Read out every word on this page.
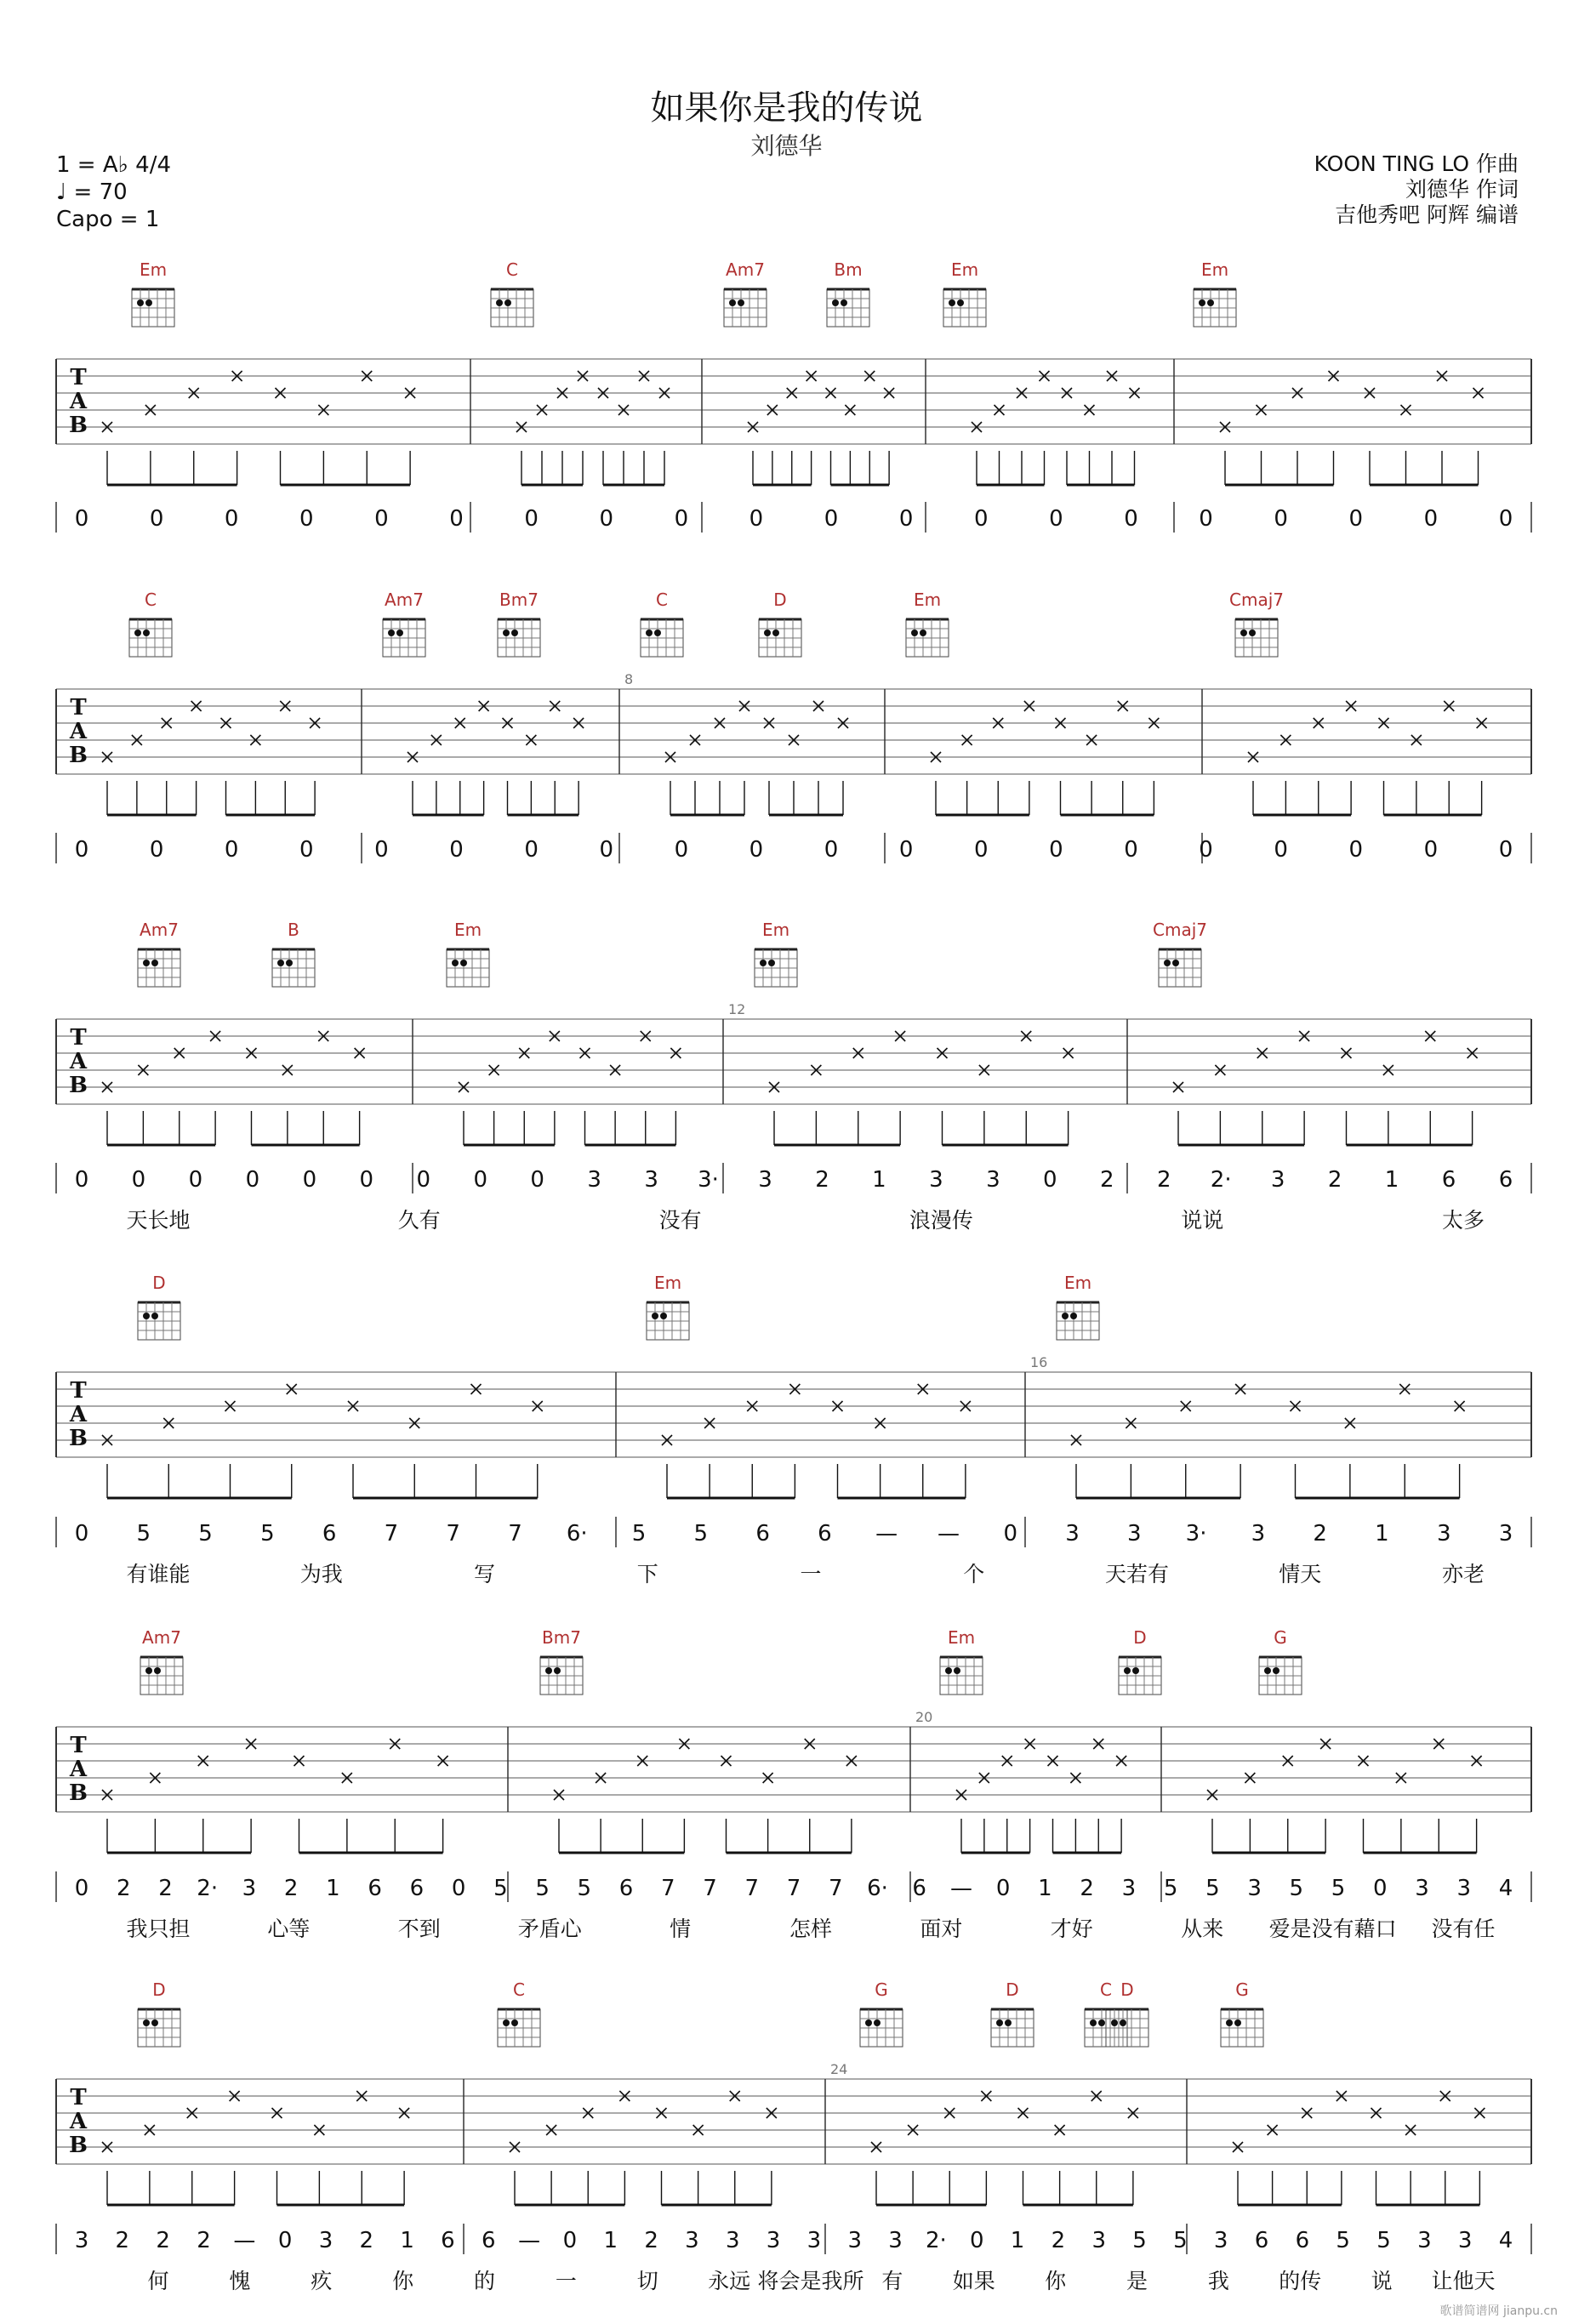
如果你是我的传说
刘德华
1 = A♭ 4/4
♩ = 70
Capo = 1
KOON TING LO 作曲
刘德华 作词
吉他秀吧 阿辉 编谱
Em	C	Am7	Bm	Em	Em
T
A
B
0	0	0	0	0	0	0	0	0	0	0	0	0	0	0	0	0	0	0	0
C	Am7	Bm7	C	D	Em	Cmaj7
T
A
B
8
0	0	0	0	0	0	0	0	0	0	0	0	0	0	0	0	0	0	0	0
Am7	B	Em	Em	Cmaj7
T
A
B
12
0 0 0 0 0 0 0 0 0 3 3 3· 3 2 1 3 3 0 2 2 2· 3 2 1 6 6
天长地	久有	没有	浪漫传	说说	太多
D	Em	Em
T
A
B
16
0 5 5 5 6 7 7 7 6· 5 5 6 6 — — 0 3 3 3· 3 2 1 3 3
有谁能	为我	写	下	一	个	天若有	情天	亦老
Am7	Bm7	Em	D	G
T
A
B
20
0 2 2 2· 3 2 1 6 6 0 5 5 5 6 7 7 7 7 7 6· 6 — 0 1 2 3 5 5 3 5 5 0 3 3 4
我只担	心等	不到	矛盾心	情	怎样	面对	才好	从来 爱是没有藉口 没有任
D	C	G	D	C D	G
T
A
B
24
3 2 2 2 — 0 3 2 1 6 6 — 0 1 2 3 3 3 3 3 3 2· 0 1 2 3 5 5 3 6 6 5 5 3 3 4
何	愧	疚	你	的	一	切 永远 将会是我所 有 如果 你	是	我 的传 说 让他天
歌谱简谱网 jianpu.cn
